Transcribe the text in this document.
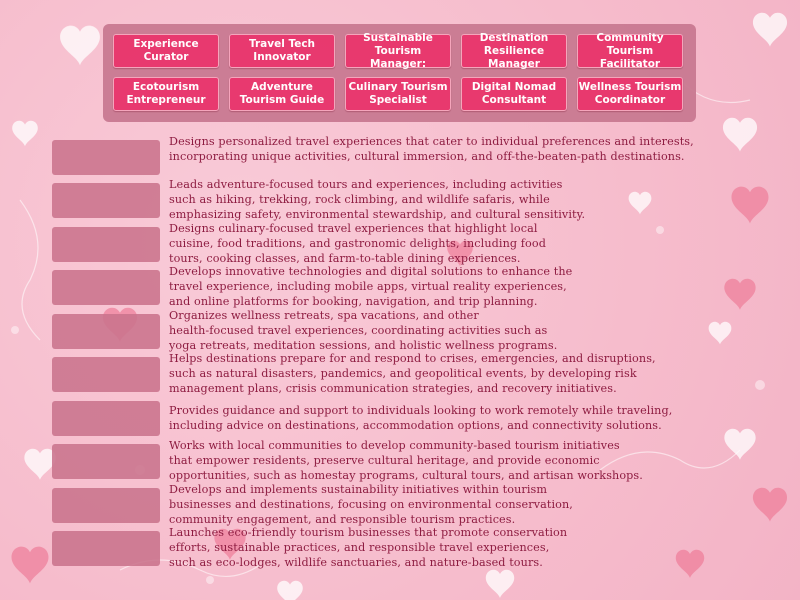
Experience
Curator
Travel Tech
Innovator
Sustainable
Tourism Manager:
Destination
Resilience Manager
Community
Tourism Facilitator
Ecotourism
Entrepreneur
Adventure
Tourism Guide
Culinary Tourism
Specialist
Digital Nomad
Consultant
Wellness Tourism
Coordinator
Designs personalized travel experiences that cater to individual preferences and interests,
incorporating unique activities, cultural immersion, and off-the-beaten-path destinations.
Leads adventure-focused tours and experiences, including activities
such as hiking, trekking, rock climbing, and wildlife safaris, while
emphasizing safety, environmental stewardship, and cultural sensitivity.
Designs culinary-focused travel experiences that highlight local
cuisine, food traditions, and gastronomic delights, including food
tours, cooking classes, and farm-to-table dining experiences.
Develops innovative technologies and digital solutions to enhance the
travel experience, including mobile apps, virtual reality experiences,
and online platforms for booking, navigation, and trip planning.
Organizes wellness retreats, spa vacations, and other
health-focused travel experiences, coordinating activities such as
yoga retreats, meditation sessions, and holistic wellness programs.
Helps destinations prepare for and respond to crises, emergencies, and disruptions,
such as natural disasters, pandemics, and geopolitical events, by developing risk
management plans, crisis communication strategies, and recovery initiatives.
Provides guidance and support to individuals looking to work remotely while traveling,
including advice on destinations, accommodation options, and connectivity solutions.
Works with local communities to develop community-based tourism initiatives
that empower residents, preserve cultural heritage, and provide economic
opportunities, such as homestay programs, cultural tours, and artisan workshops.
Develops and implements sustainability initiatives within tourism
businesses and destinations, focusing on environmental conservation,
community engagement, and responsible tourism practices.
Launches eco-friendly tourism businesses that promote conservation
efforts, sustainable practices, and responsible travel experiences,
such as eco-lodges, wildlife sanctuaries, and nature-based tours.
